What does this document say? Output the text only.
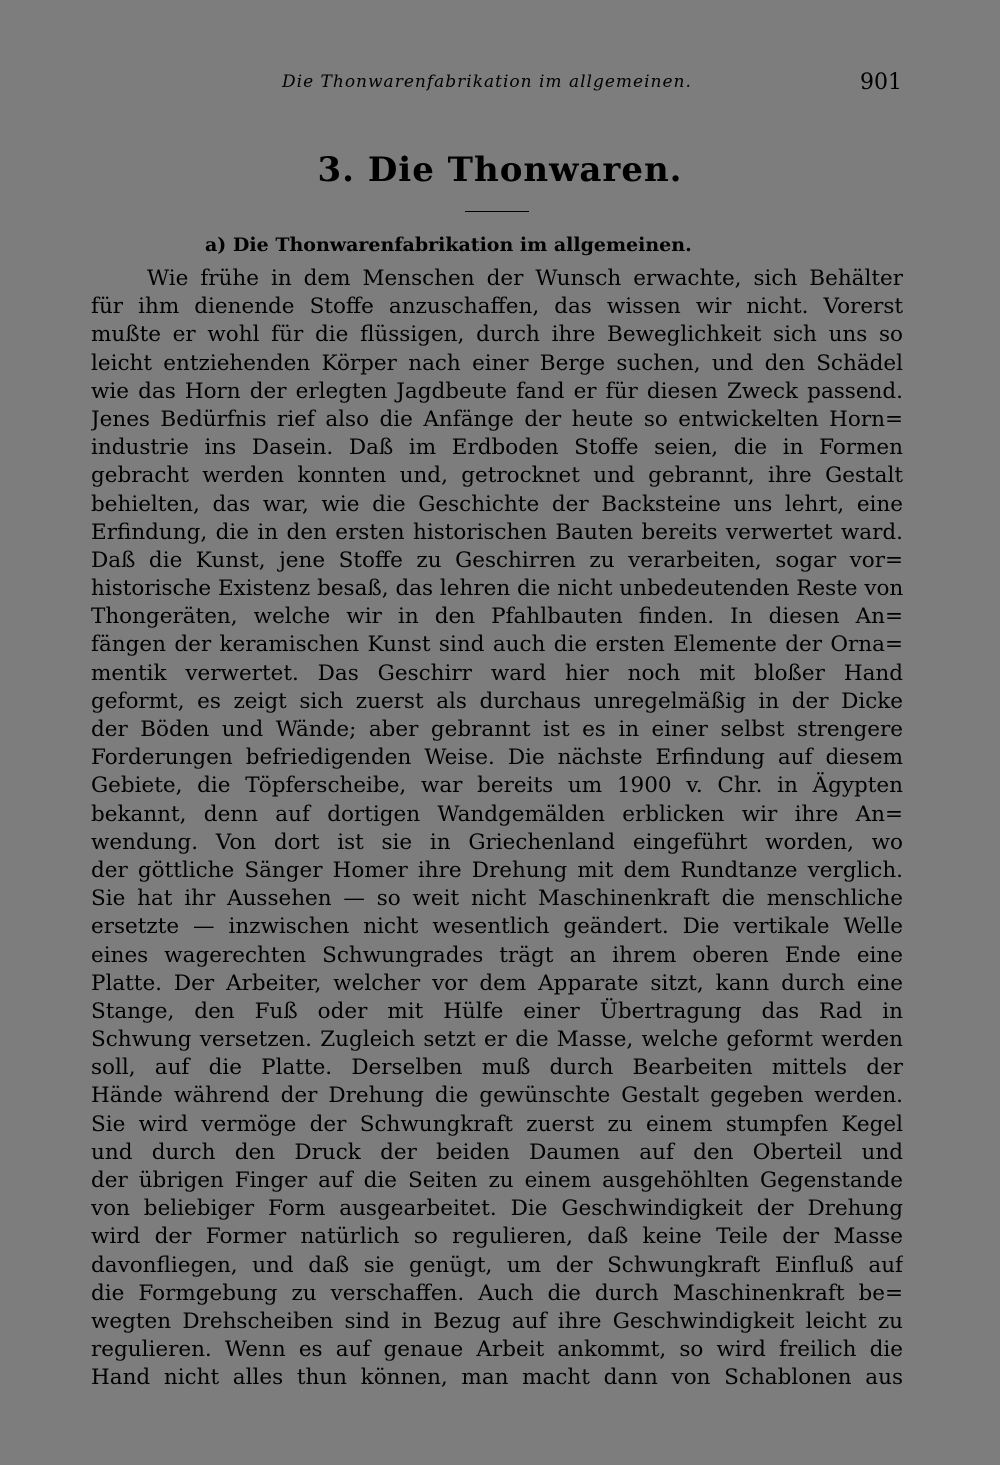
Die Thonwarenfabrikation im allgemeinen.	901
3. Die Thonwaren.
a) Die Thonwarenfabrikation im allgemeinen.
Wie frühe in dem Menschen der Wunsch erwachte, sich Behälter
für ihm dienende Stoffe anzuschaffen, das wissen wir nicht. Vorerst
mußte er wohl für die flüssigen, durch ihre Beweglichkeit sich uns so
leicht entziehenden Körper nach einer Berge suchen, und den Schädel
wie das Horn der erlegten Jagdbeute fand er für diesen Zweck passend.
Jenes Bedürfnis rief also die Anfänge der heute so entwickelten Horn=
industrie ins Dasein. Daß im Erdboden Stoffe seien, die in Formen
gebracht werden konnten und, getrocknet und gebrannt, ihre Gestalt
behielten, das war, wie die Geschichte der Backsteine uns lehrt, eine
Erfindung, die in den ersten historischen Bauten bereits verwertet ward.
Daß die Kunst, jene Stoffe zu Geschirren zu verarbeiten, sogar vor=
historische Existenz besaß, das lehren die nicht unbedeutenden Reste von
Thongeräten, welche wir in den Pfahlbauten finden. In diesen An=
fängen der keramischen Kunst sind auch die ersten Elemente der Orna=
mentik verwertet. Das Geschirr ward hier noch mit bloßer Hand
geformt, es zeigt sich zuerst als durchaus unregelmäßig in der Dicke
der Böden und Wände; aber gebrannt ist es in einer selbst strengere
Forderungen befriedigenden Weise. Die nächste Erfindung auf diesem
Gebiete, die Töpferscheibe, war bereits um 1900 v. Chr. in Ägypten
bekannt, denn auf dortigen Wandgemälden erblicken wir ihre An=
wendung. Von dort ist sie in Griechenland eingeführt worden, wo
der göttliche Sänger Homer ihre Drehung mit dem Rundtanze verglich.
Sie hat ihr Aussehen — so weit nicht Maschinenkraft die menschliche
ersetzte — inzwischen nicht wesentlich geändert. Die vertikale Welle
eines wagerechten Schwungrades trägt an ihrem oberen Ende eine
Platte. Der Arbeiter, welcher vor dem Apparate sitzt, kann durch eine
Stange, den Fuß oder mit Hülfe einer Übertragung das Rad in
Schwung versetzen. Zugleich setzt er die Masse, welche geformt werden
soll, auf die Platte. Derselben muß durch Bearbeiten mittels der
Hände während der Drehung die gewünschte Gestalt gegeben werden.
Sie wird vermöge der Schwungkraft zuerst zu einem stumpfen Kegel
und durch den Druck der beiden Daumen auf den Oberteil und
der übrigen Finger auf die Seiten zu einem ausgehöhlten Gegenstande
von beliebiger Form ausgearbeitet. Die Geschwindigkeit der Drehung
wird der Former natürlich so regulieren, daß keine Teile der Masse
davonfliegen, und daß sie genügt, um der Schwungkraft Einfluß auf
die Formgebung zu verschaffen. Auch die durch Maschinenkraft be=
wegten Drehscheiben sind in Bezug auf ihre Geschwindigkeit leicht zu
regulieren. Wenn es auf genaue Arbeit ankommt, so wird freilich die
Hand nicht alles thun können, man macht dann von Schablonen aus
